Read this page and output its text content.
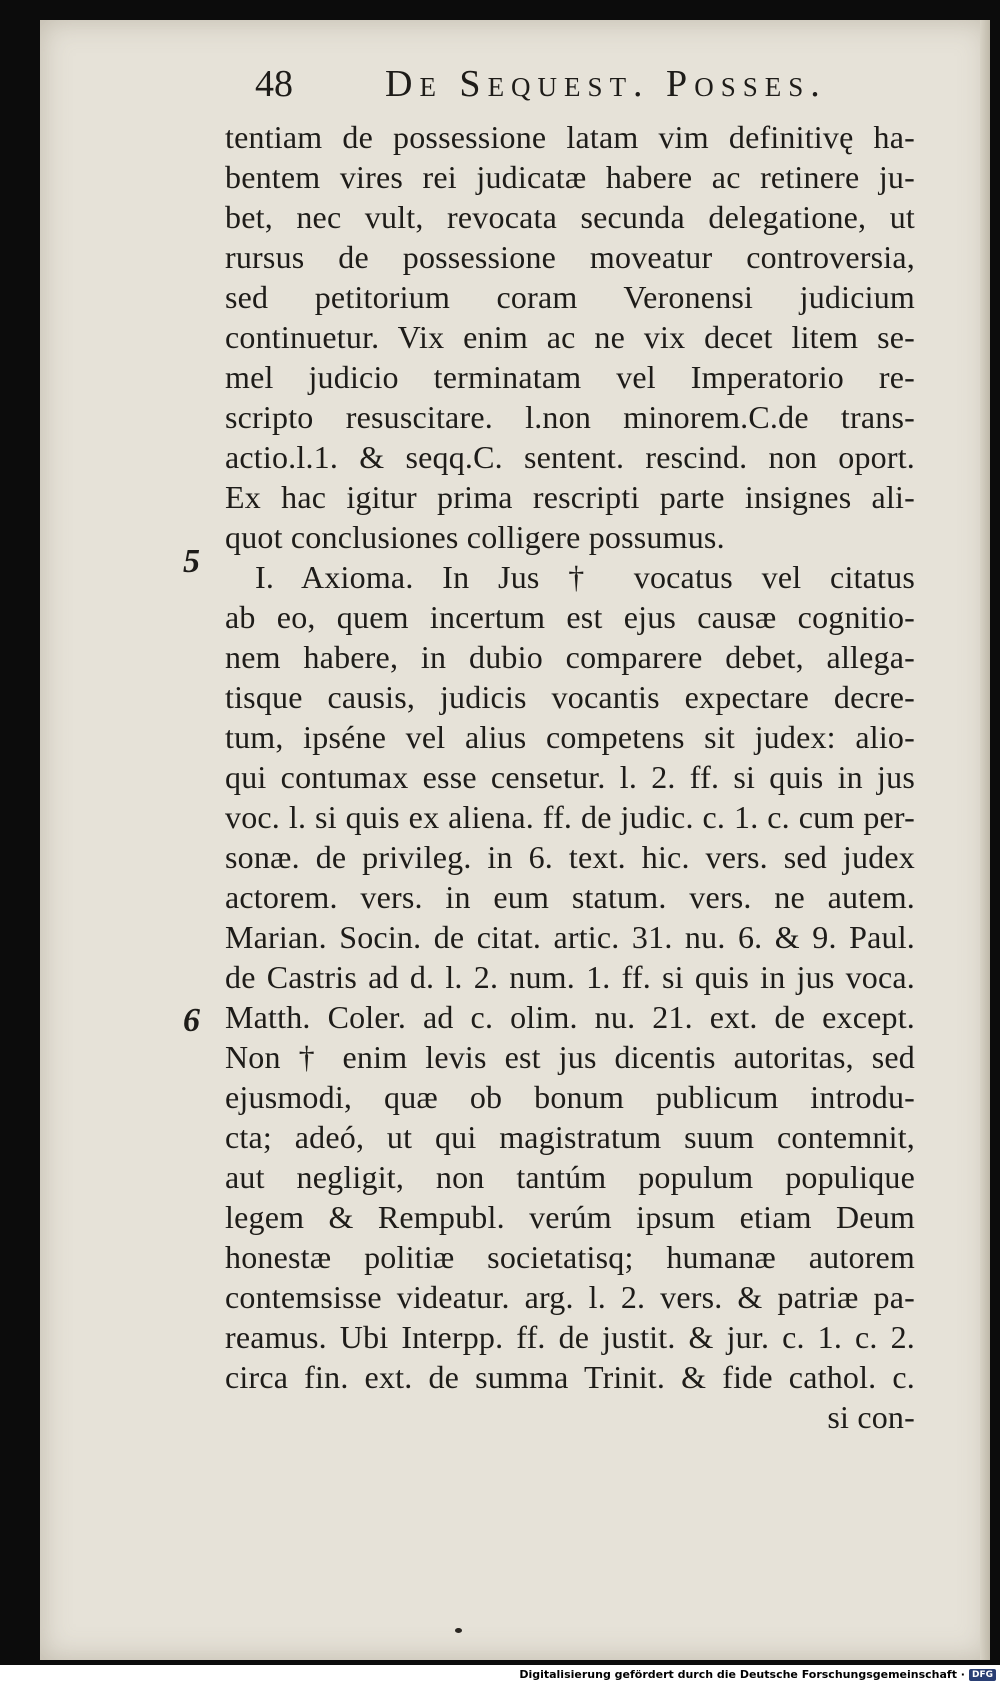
48 De Sequest. Posses.
5
6
tentiam de possessione latam vim definitivę ha-
bentem vires rei judicatæ habere ac retinere ju-
bet, nec vult, revocata secunda delegatione, ut
rursus de possessione moveatur controversia,
sed petitorium coram Veronensi judicium
continuetur. Vix enim ac ne vix decet litem se-
mel judicio terminatam vel Imperatorio re-
scripto resuscitare. l.non minorem.C.de trans-
actio.l.1. & seqq.C. sentent. rescind. non oport.
Ex hac igitur prima rescripti parte insignes ali-
quot conclusiones colligere possumus.
I. Axioma. In Jus † vocatus vel citatus
ab eo, quem incertum est ejus causæ cognitio-
nem habere, in dubio comparere debet, allega-
tisque causis, judicis vocantis expectare decre-
tum, ipséne vel alius competens sit judex: alio-
qui contumax esse censetur. l. 2. ff. si quis in jus
voc. l. si quis ex aliena. ff. de judic. c. 1. c. cum per-
sonæ. de privileg. in 6. text. hic. vers. sed judex
actorem. vers. in eum statum. vers. ne autem.
Marian. Socin. de citat. artic. 31. nu. 6. & 9. Paul.
de Castris ad d. l. 2. num. 1. ff. si quis in jus voca.
Matth. Coler. ad c. olim. nu. 21. ext. de except.
Non † enim levis est jus dicentis autoritas, sed
ejusmodi, quæ ob bonum publicum introdu-
cta; adeó, ut qui magistratum suum contemnit,
aut negligit, non tantúm populum populique
legem & Rempubl. verúm ipsum etiam Deum
honestæ politiæ societatisq; humanæ autorem
contemsisse videatur. arg. l. 2. vers. & patriæ pa-
reamus. Ubi Interpp. ff. de justit. & jur. c. 1. c. 2.
circa fin. ext. de summa Trinit. & fide cathol. c.
si con-
Digitalisierung gefördert durch die Deutsche Forschungsgemeinschaft · DFG
